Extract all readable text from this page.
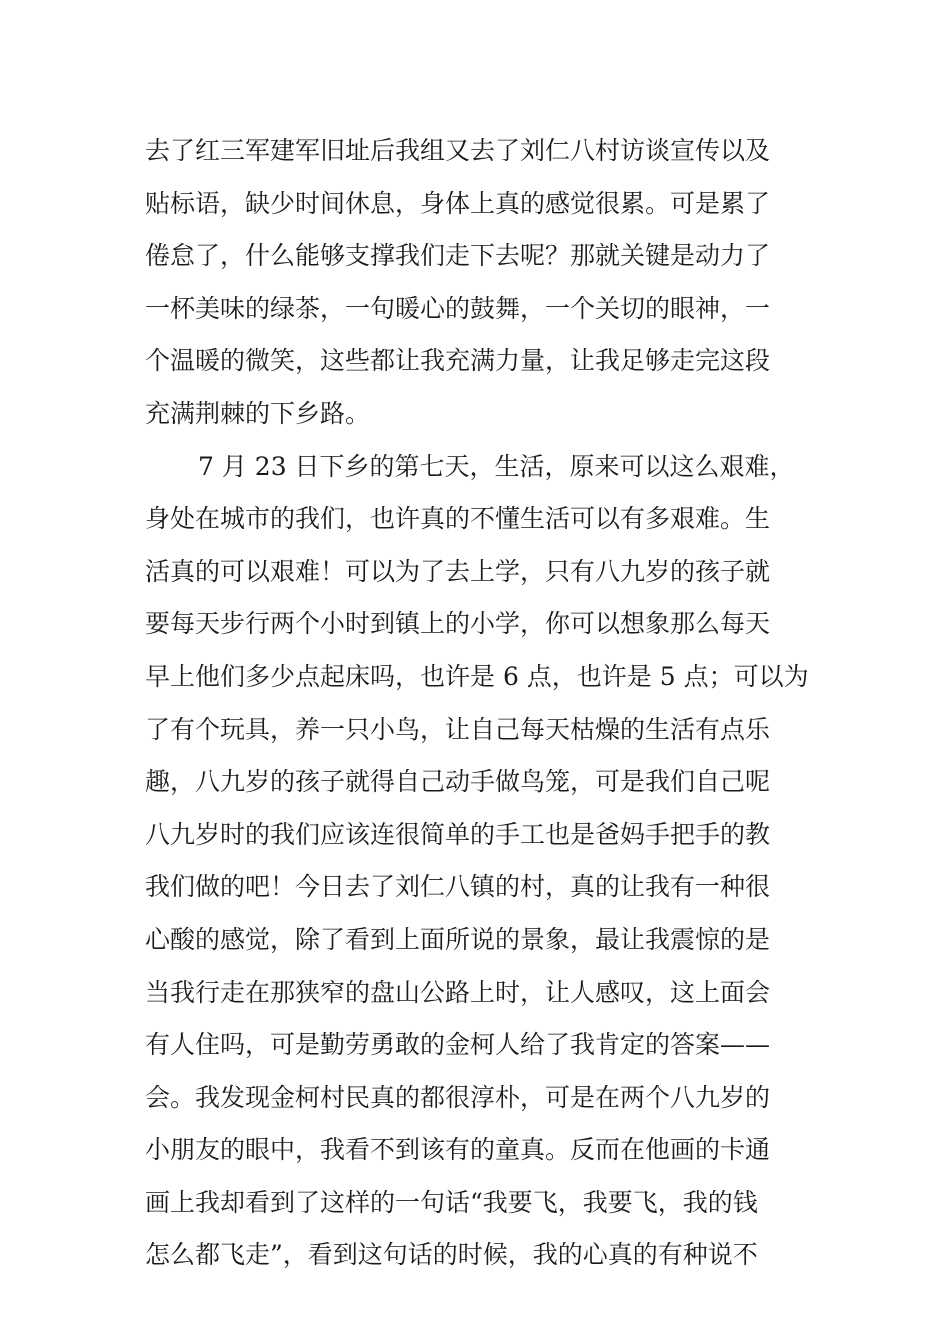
去了红三军建军旧址后我组又去了刘仁八村访谈宣传以及
贴标语，缺少时间休息，身体上真的感觉很累。可是累了
倦怠了，什么能够支撑我们走下去呢？那就关键是动力了
一杯美味的绿茶，一句暖心的鼓舞，一个关切的眼神，一
个温暖的微笑，这些都让我充满力量，让我足够走完这段
充满荆棘的下乡路。
7 月 23 日下乡的第七天，生活，原来可以这么艰难，
身处在城市的我们，也许真的不懂生活可以有多艰难。生
活真的可以艰难！可以为了去上学，只有八九岁的孩子就
要每天步行两个小时到镇上的小学，你可以想象那么每天
早上他们多少点起床吗，也许是 6 点，也许是 5 点；可以为
了有个玩具，养一只小鸟，让自己每天枯燥的生活有点乐
趣，八九岁的孩子就得自己动手做鸟笼，可是我们自己呢
八九岁时的我们应该连很简单的手工也是爸妈手把手的教
我们做的吧！今日去了刘仁八镇的村，真的让我有一种很
心酸的感觉，除了看到上面所说的景象，最让我震惊的是
当我行走在那狭窄的盘山公路上时，让人感叹，这上面会
有人住吗，可是勤劳勇敢的金柯人给了我肯定的答案——
会。我发现金柯村民真的都很淳朴，可是在两个八九岁的
小朋友的眼中，我看不到该有的童真。反而在他画的卡通
画上我却看到了这样的一句话“我要飞，我要飞，我的钱
怎么都飞走”，看到这句话的时候，我的心真的有种说不
